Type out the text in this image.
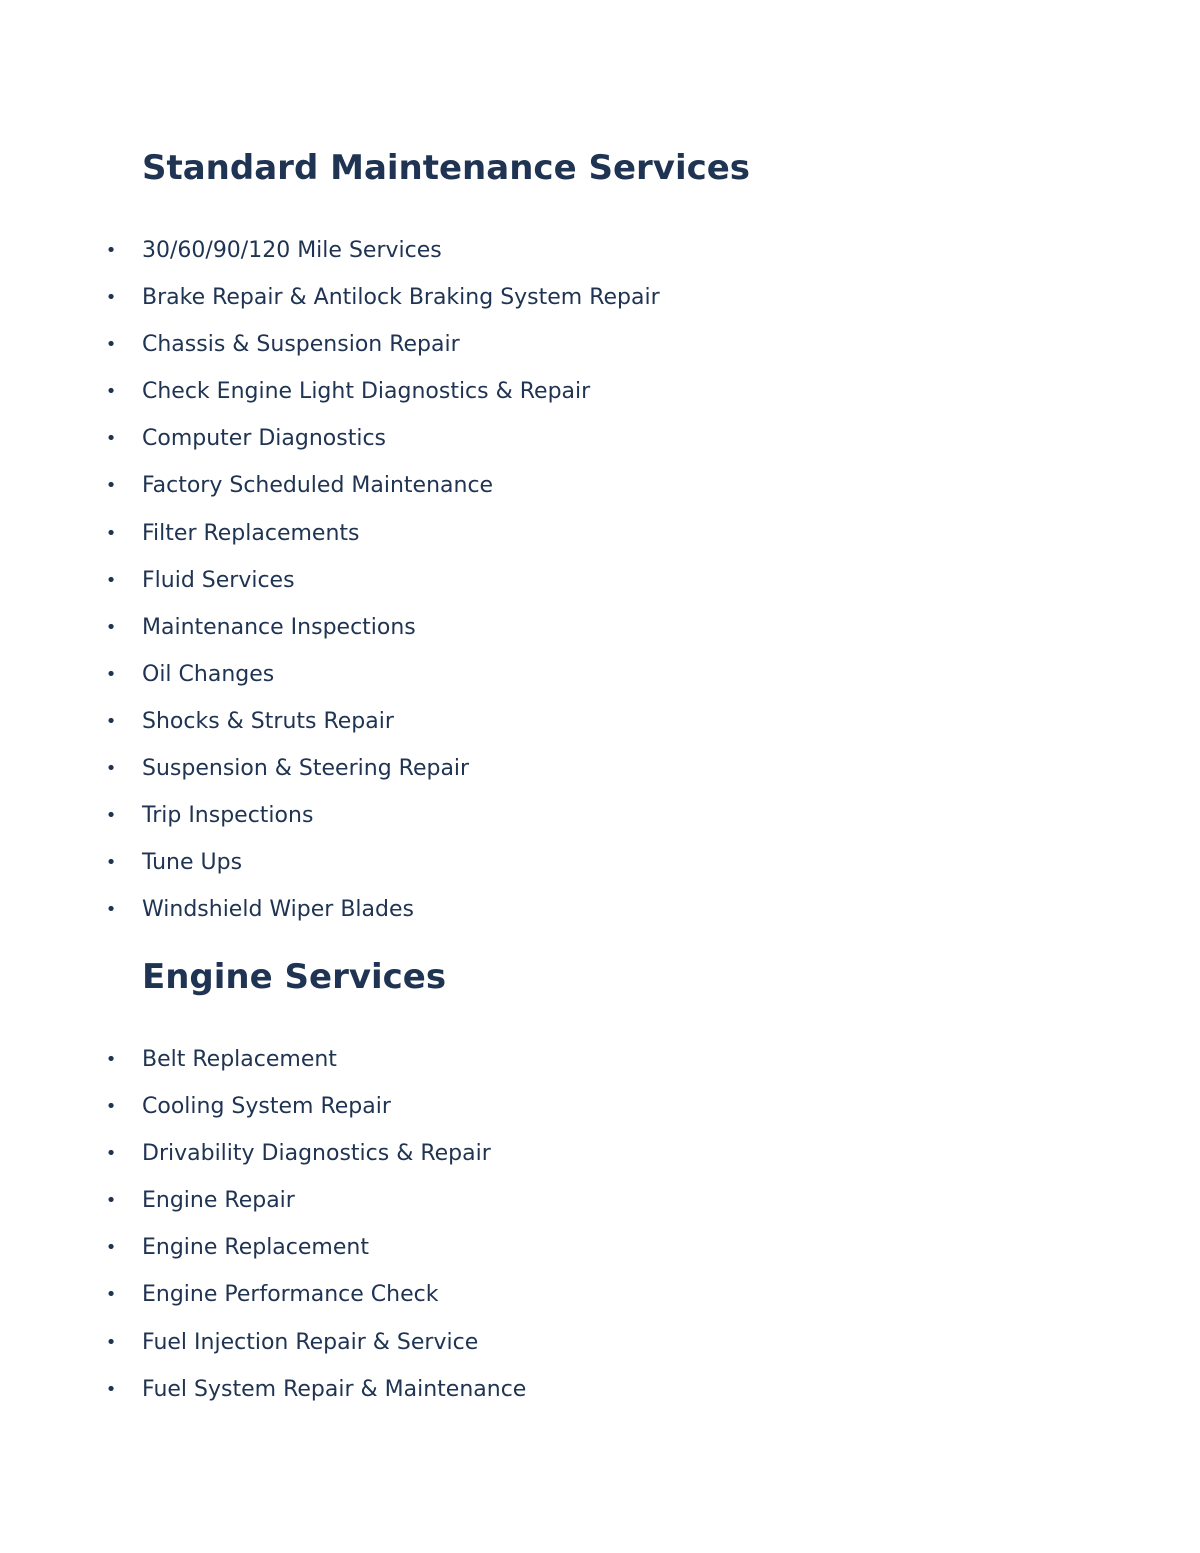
Standard Maintenance Services
• 30/60/90/120 Mile Services
• Brake Repair & Antilock Braking System Repair
• Chassis & Suspension Repair
• Check Engine Light Diagnostics & Repair
• Computer Diagnostics
• Factory Scheduled Maintenance
• Filter Replacements
• Fluid Services
• Maintenance Inspections
• Oil Changes
• Shocks & Struts Repair
• Suspension & Steering Repair
• Trip Inspections
• Tune Ups
• Windshield Wiper Blades
Engine Services
• Belt Replacement
• Cooling System Repair
• Drivability Diagnostics & Repair
• Engine Repair
• Engine Replacement
• Engine Performance Check
• Fuel Injection Repair & Service
• Fuel System Repair & Maintenance
